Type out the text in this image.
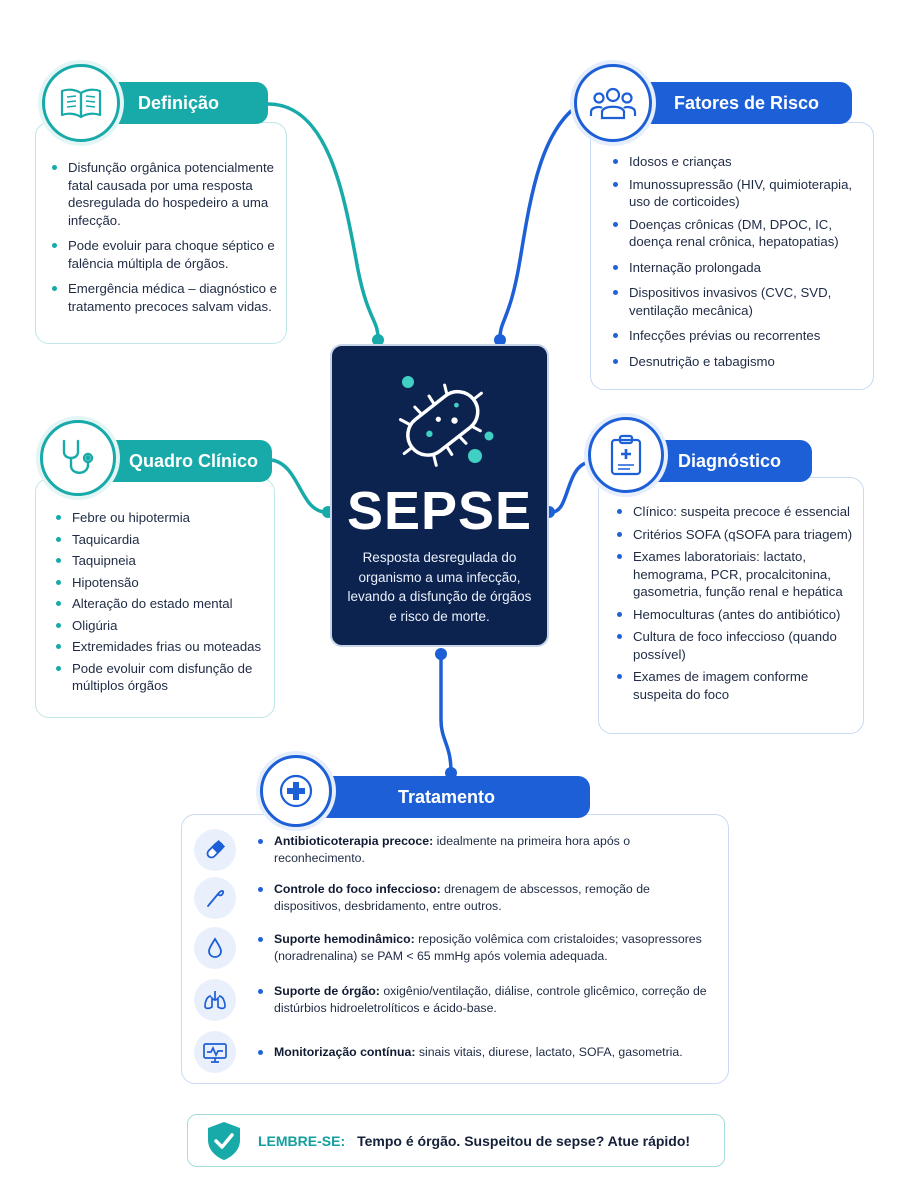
Disfunção orgânica potencialmente fatal causada por uma resposta desregulada do hospedeiro a uma infecção.
Pode evoluir para choque séptico e falência múltipla de órgãos.
Emergência médica – diagnóstico e tratamento precoces salvam vidas.
Definição
Idosos e crianças
Imunossupressão (HIV, quimioterapia, uso de corticoides)
Doenças crônicas (DM, DPOC, IC, doença renal crônica, hepatopatias)
Internação prolongada
Dispositivos invasivos (CVC, SVD, ventilação mecânica)
Infecções prévias ou recorrentes
Desnutrição e tabagismo
Fatores de Risco
Febre ou hipotermia
Taquicardia
Taquipneia
Hipotensão
Alteração do estado mental
Oligúria
Extremidades frias ou moteadas
Pode evoluir com disfunção de múltiplos órgãos
Quadro Clínico
Clínico: suspeita precoce é essencial
Critérios SOFA (qSOFA para triagem)
Exames laboratoriais: lactato, hemograma, PCR, procalcitonina, gasometria, função renal e hepática
Hemoculturas (antes do antibiótico)
Cultura de foco infeccioso (quando possível)
Exames de imagem conforme suspeita do foco
Diagnóstico
SEPSE
Resposta desregulada do organismo a uma infecção, levando a disfunção de órgãos e risco de morte.
Antibioticoterapia precoce: idealmente na primeira hora após o reconhecimento.
Controle do foco infeccioso: drenagem de abscessos, remoção de dispositivos, desbridamento, entre outros.
Suporte hemodinâmico: reposição volêmica com cristaloides; vasopressores (noradrenalina) se PAM < 65 mmHg após volemia adequada.
Suporte de órgão: oxigênio/ventilação, diálise, controle glicêmico, correção de distúrbios hidroeletrolíticos e ácido-base.
Monitorização contínua: sinais vitais, diurese, lactato, SOFA, gasometria.
Tratamento
LEMBRE-SE: Tempo é órgão. Suspeitou de sepse? Atue rápido!
